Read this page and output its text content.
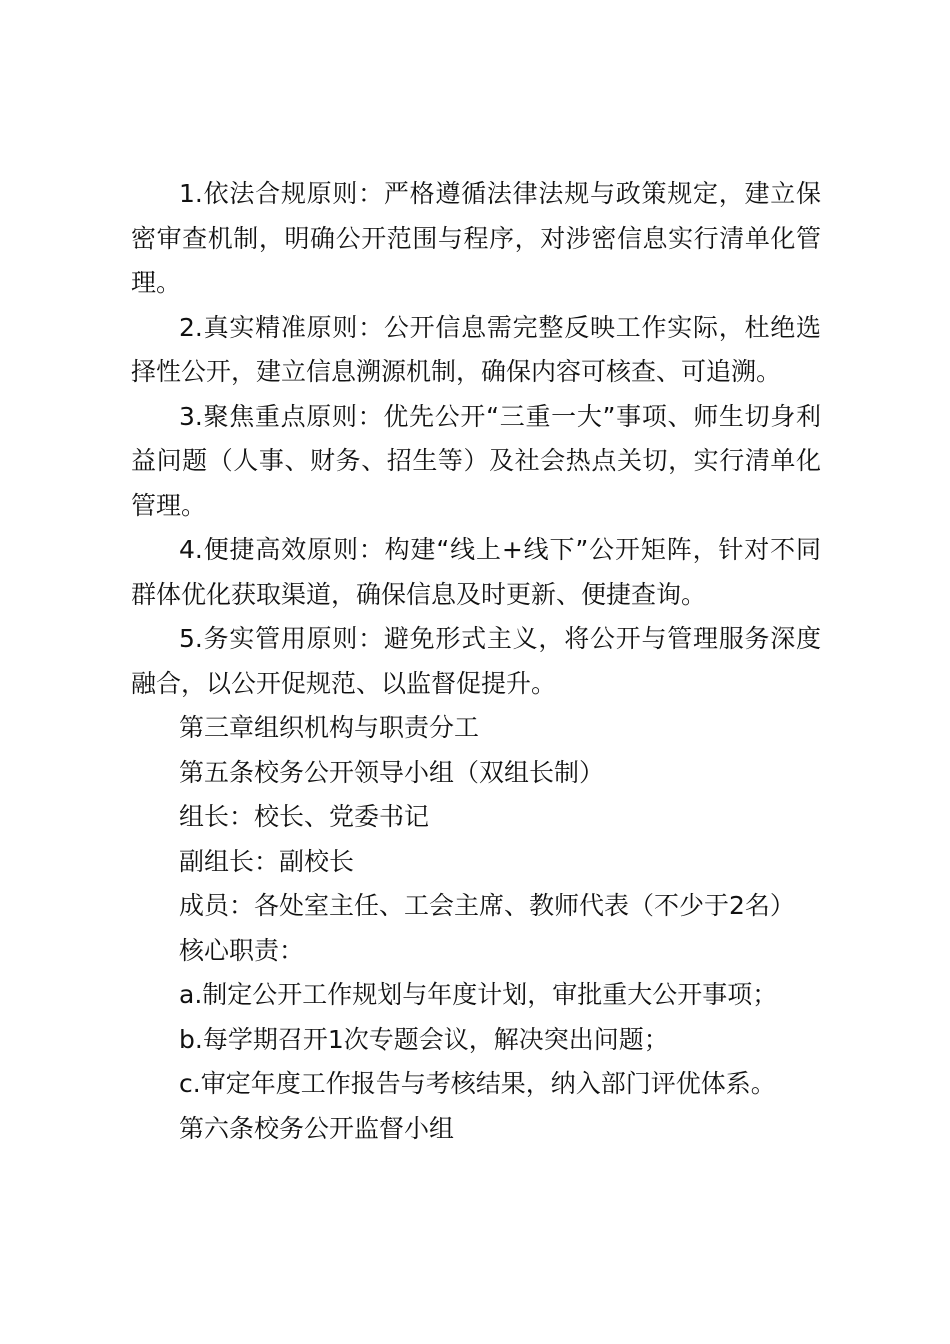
1.依法合规原则：严格遵循法律法规与政策规定，建立保密审查机制，明确公开范围与程序，对涉密信息实行清单化管理。

2.真实精准原则：公开信息需完整反映工作实际，杜绝选择性公开，建立信息溯源机制，确保内容可核查、可追溯。

3.聚焦重点原则：优先公开“三重一大”事项、师生切身利益问题（人事、财务、招生等）及社会热点关切，实行清单化管理。

4.便捷高效原则：构建“线上+线下”公开矩阵，针对不同群体优化获取渠道，确保信息及时更新、便捷查询。

5.务实管用原则：避免形式主义，将公开与管理服务深度融合，以公开促规范、以监督促提升。

第三章组织机构与职责分工

第五条校务公开领导小组（双组长制）

组长：校长、党委书记

副组长：副校长

成员：各处室主任、工会主席、教师代表（不少于2名）

核心职责：

a.制定公开工作规划与年度计划，审批重大公开事项；

b.每学期召开1次专题会议，解决突出问题；

c.审定年度工作报告与考核结果，纳入部门评优体系。

第六条校务公开监督小组
